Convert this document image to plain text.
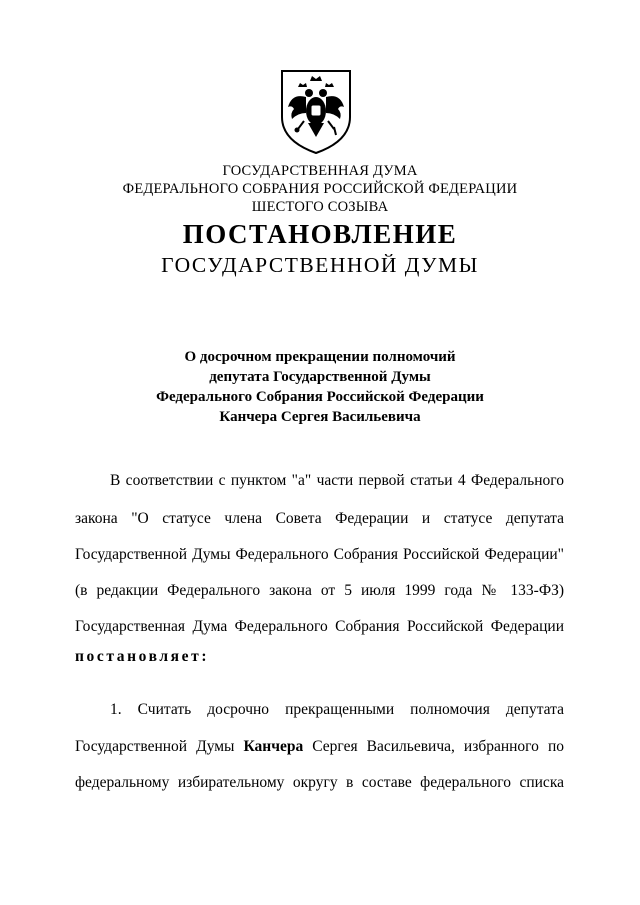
ГОСУДАРСТВЕННАЯ ДУМА
ФЕДЕРАЛЬНОГО СОБРАНИЯ РОССИЙСКОЙ ФЕДЕРАЦИИ
ШЕСТОГО СОЗЫВА
ПОСТАНОВЛЕНИЕ
ГОСУДАРСТВЕННОЙ ДУМЫ
О досрочном прекращении полномочий
депутата Государственной Думы
Федерального Собрания Российской Федерации
Канчера Сергея Васильевича
В соответствии с пунктом "а" части первой статьи 4 Федерального
закона "О статусе члена Совета Федерации и статусе депутата
Государственной Думы Федерального Собрания Российской Федерации"
(в редакции Федерального закона от 5 июля 1999 года № 133-ФЗ)
Государственная Дума Федерального Собрания Российской Федерации
постановляет:
1. Считать досрочно прекращенными полномочия депутата
Государственной Думы Канчера Сергея Васильевича, избранного по
федеральному избирательному округу в составе федерального списка
